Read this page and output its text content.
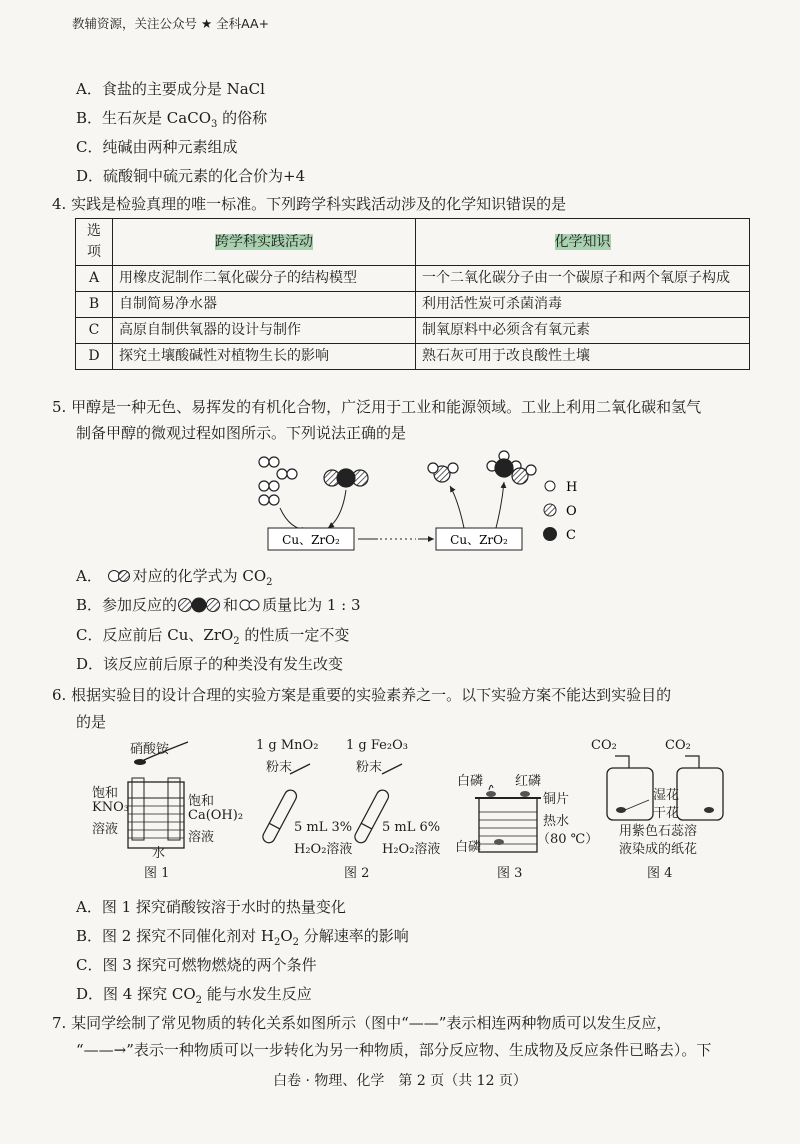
教辅资源，关注公众号 ★ 全科AA+
A．食盐的主要成分是 NaCl
B．生石灰是 CaCO$_3$ 的俗称
C．纯碱由两种元素组成
D．硫酸铜中硫元素的化合价为+4
4. 实践是检验真理的唯一标准。下列跨学科实践活动涉及的化学知识错误的是
选项	跨学科实践活动	化学知识
A	用橡皮泥制作二氧化碳分子的结构模型	一个二氧化碳分子由一个碳原子和两个氧原子构成
B	自制简易净水器	利用活性炭可杀菌消毒
C	高原自制供氧器的设计与制作	制氧原料中必须含有氧元素
D	探究土壤酸碱性对植物生长的影响	熟石灰可用于改良酸性土壤
5. 甲醇是一种无色、易挥发的有机化合物，广泛用于工业和能源领域。工业上利用二氧化碳和氢气
制备甲醇的微观过程如图所示。下列说法正确的是
Cu、ZrO₂	Cu、ZrO₂
H
O
C
A． 对应的化学式为 $CO_2$
B．参加反应的	和 质量比为 1 : 3
C．反应前后 Cu、ZrO$_2$ 的性质一定不变
D．该反应前后原子的种类没有发生改变
6. 根据实验目的设计合理的实验方案是重要的实验素养之一。以下实验方案不能达到实验目的
的是
硝酸铵
饱和
KNO₃
溶液
饱和
Ca(OH)₂
溶液
水
图 1
1 g MnO₂
粉末
1 g Fe₂O₃
粉末
5 mL 3%
H₂O₂溶液
5 mL 6%
H₂O₂溶液
图 2
白磷 红磷
铜片
热水
（80 ℃）
白磷
图 3
CO₂	CO₂
湿花
干花
用紫色石蕊溶
液染成的纸花
图 4
A．图 1 探究硝酸铵溶于水时的热量变化
B．图 2 探究不同催化剂对 $H_2O_2$ 分解速率的影响
C．图 3 探究可燃物燃烧的两个条件
D．图 4 探究 $CO_2$ 能与水发生反应
7. 某同学绘制了常见物质的转化关系如图所示（图中“——”表示相连两种物质可以发生反应，
“——→”表示一种物质可以一步转化为另一种物质，部分反应物、生成物及反应条件已略去）。下
白卷 · 物理、化学　第 2 页（共 12 页）
